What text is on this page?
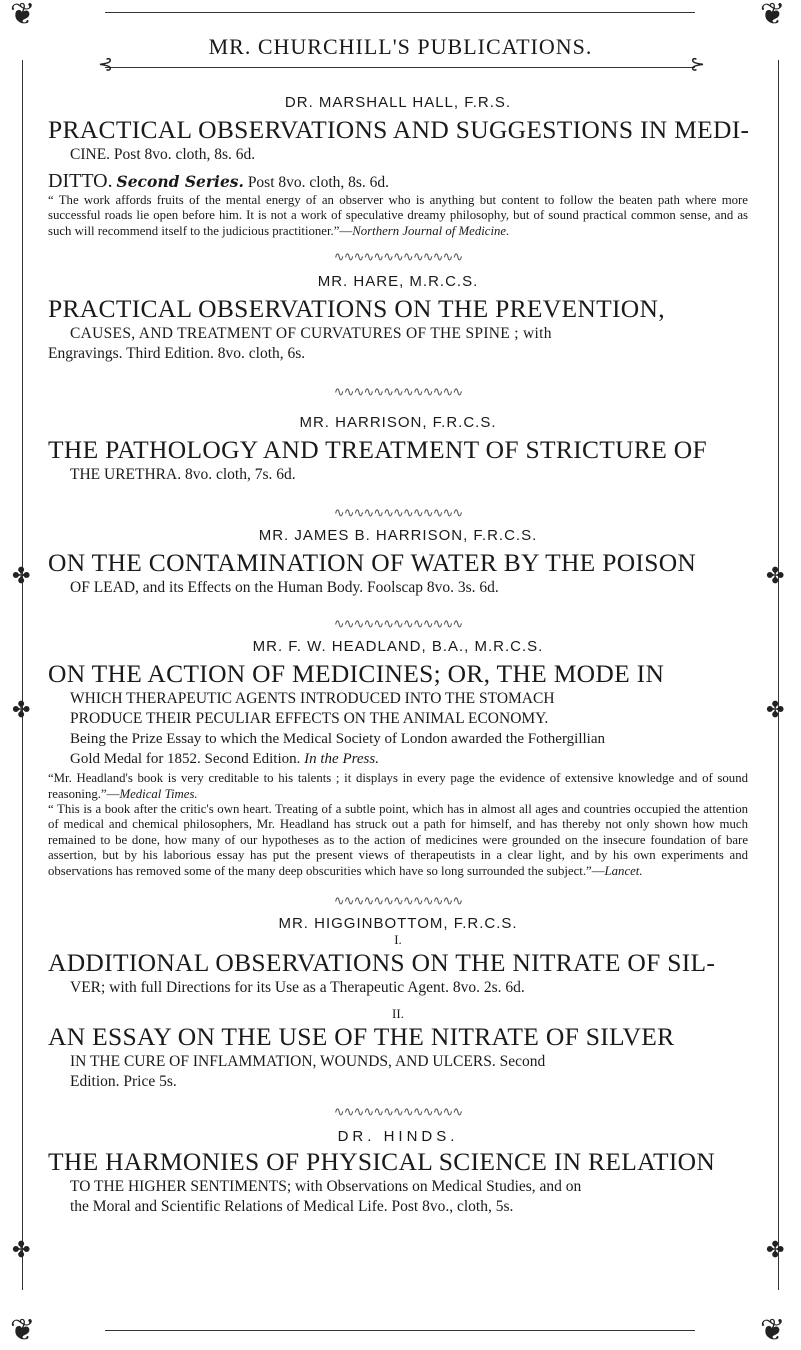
❦	❦
❦	❦
⊰	⊱
✤	✤
✤	✤
✤	✤
MR. CHURCHILL'S PUBLICATIONS.

DR. MARSHALL HALL, F.R.S.

PRACTICAL OBSERVATIONS AND SUGGESTIONS IN MEDI-

CINE. Post 8vo. cloth, 8s. 6d.

DITTO. Second Series. Post 8vo. cloth, 8s. 6d.

“ The work affords fruits of the mental energy of an observer who is anything but content to follow the beaten path where more successful roads lie open before him. It is not a work of speculative dreamy philosophy, but of sound practical common sense, and as such will recommend itself to the judicious practitioner.”—Northern Journal of Medicine.

∿∿∿∿∿∿∿∿∿∿∿∿∿

MR. HARE, M.R.C.S.

PRACTICAL OBSERVATIONS ON THE PREVENTION,

CAUSES, AND TREATMENT OF CURVATURES OF THE SPINE ; with

Engravings. Third Edition. 8vo. cloth, 6s.

∿∿∿∿∿∿∿∿∿∿∿∿∿

MR. HARRISON, F.R.C.S.

THE PATHOLOGY AND TREATMENT OF STRICTURE OF

THE URETHRA. 8vo. cloth, 7s. 6d.

∿∿∿∿∿∿∿∿∿∿∿∿∿

MR. JAMES B. HARRISON, F.R.C.S.

ON THE CONTAMINATION OF WATER BY THE POISON

OF LEAD, and its Effects on the Human Body. Foolscap 8vo. 3s. 6d.

∿∿∿∿∿∿∿∿∿∿∿∿∿

MR. F. W. HEADLAND, B.A., M.R.C.S.

ON THE ACTION OF MEDICINES; OR, THE MODE IN

WHICH THERAPEUTIC AGENTS INTRODUCED INTO THE STOMACH

PRODUCE THEIR PECULIAR EFFECTS ON THE ANIMAL ECONOMY.

Being the Prize Essay to which the Medical Society of London awarded the Fothergillian

Gold Medal for 1852. Second Edition. In the Press.

“Mr. Headland's book is very creditable to his talents ; it displays in every page the evidence of extensive knowledge and of sound reasoning.”—Medical Times.

“ This is a book after the critic's own heart. Treating of a subtle point, which has in almost all ages and countries occupied the attention of medical and chemical philosophers, Mr. Headland has struck out a path for himself, and has thereby not only shown how much remained to be done, how many of our hypotheses as to the action of medicines were grounded on the insecure foundation of bare assertion, but by his laborious essay has put the present views of therapeutists in a clear light, and by his own experiments and observations has removed some of the many deep obscurities which have so long surrounded the subject.”—Lancet.

∿∿∿∿∿∿∿∿∿∿∿∿∿

MR. HIGGINBOTTOM, F.R.C.S.

I.

ADDITIONAL OBSERVATIONS ON THE NITRATE OF SIL-

VER; with full Directions for its Use as a Therapeutic Agent. 8vo. 2s. 6d.

II.

AN ESSAY ON THE USE OF THE NITRATE OF SILVER

IN THE CURE OF INFLAMMATION, WOUNDS, AND ULCERS. Second

Edition. Price 5s.

∿∿∿∿∿∿∿∿∿∿∿∿∿

DR. HINDS.

THE HARMONIES OF PHYSICAL SCIENCE IN RELATION

TO THE HIGHER SENTIMENTS; with Observations on Medical Studies, and on

the Moral and Scientific Relations of Medical Life. Post 8vo., cloth, 5s.
